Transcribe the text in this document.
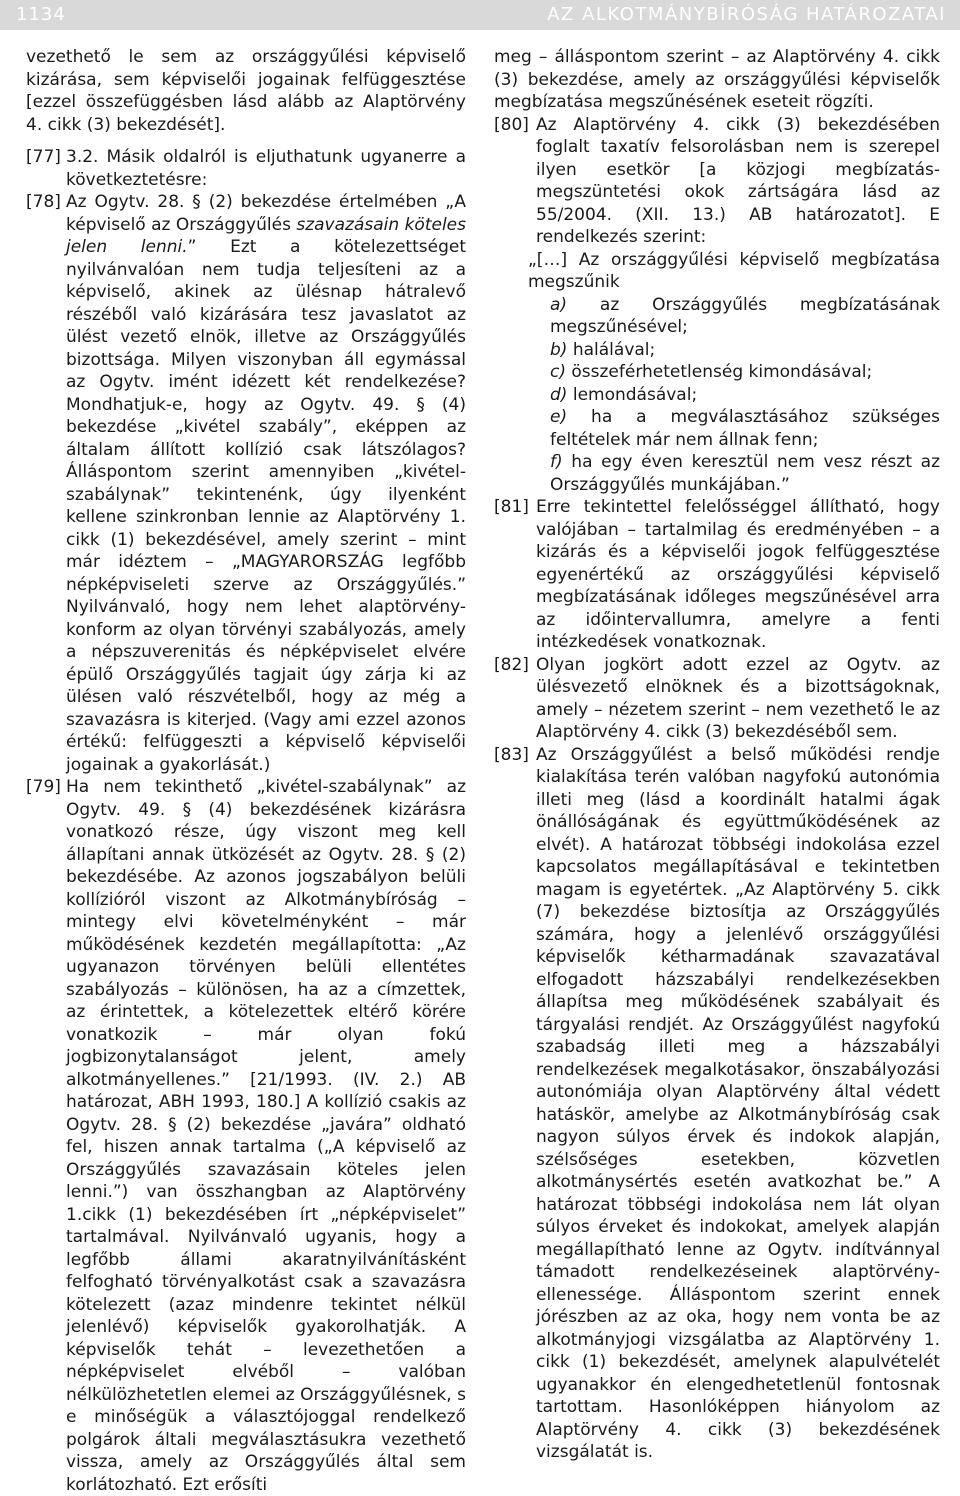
1134	AZ ALKOTMÁNYBÍRÓSÁG HATÁROZATAI

vezethető le sem az országgyűlési képviselő kizárása, sem képviselői jogainak felfüggesztése [ezzel összefüggésben lásd alább az Alaptörvény 4. cikk (3) bekezdését].

[77] 3.2. Másik oldalról is eljuthatunk ugyanerre a következtetésre:

[78] Az Ogytv. 28. § (2) bekezdése értelmében „A képviselő az Országgyűlés szavazásain köteles jelen lenni.” Ezt a kötelezettséget nyilvánvalóan nem tudja teljesíteni az a képviselő, akinek az ülésnap hátralevő részéből való kizárására tesz javaslatot az ülést vezető elnök, illetve az Országgyűlés bizottsága. Milyen viszonyban áll egymással az Ogytv. imént idézett két rendelkezése? Mondhatjuk-e, hogy az Ogytv. 49. § (4) bekezdése „kivétel szabály”, eképpen az általam állított kollízió csak látszólagos? Álláspontom szerint amennyiben „kivétel-szabálynak” tekintenénk, úgy ilyenként kellene szinkronban lennie az Alaptörvény 1. cikk (1) bekezdésével, amely szerint – mint már idéztem – „MAGYARORSZÁG legfőbb népképviseleti szerve az Országgyűlés.” Nyilvánvaló, hogy nem lehet alaptörvény-konform az olyan törvényi szabályozás, amely a népszuverenitás és népképviselet elvére épülő Országgyűlés tagjait úgy zárja ki az ülésen való részvételből, hogy az még a szavazásra is kiterjed. (Vagy ami ezzel azonos értékű: felfüggeszti a képviselő képviselői jogainak a gyakorlását.)

[79] Ha nem tekinthető „kivétel-szabálynak” az Ogytv. 49. § (4) bekezdésének kizárásra vonatkozó része, úgy viszont meg kell állapítani annak ütközését az Ogytv. 28. § (2) bekezdésébe. Az azonos jogszabályon belüli kollízióról viszont az Alkotmánybíróság – mintegy elvi követelményként – már működésének kezdetén megállapította: „Az ugyanazon törvényen belüli ellentétes szabályozás – különösen, ha az a címzettek, az érintettek, a kötelezettek eltérő körére vonatkozik – már olyan fokú jogbizonytalanságot jelent, amely alkotmányellenes.” [21/1993. (IV. 2.) AB határozat, ABH 1993, 180.] A kollízió csakis az Ogytv. 28. § (2) bekezdése „javára” oldható fel, hiszen annak tartalma („A képviselő az Országgyűlés szavazásain köteles jelen lenni.”) van összhangban az Alaptörvény 1.cikk (1) bekezdésében írt „népképviselet” tartalmával. Nyilvánvaló ugyanis, hogy a legfőbb állami akaratnyilvánításként felfogható törvényalkotást csak a szavazásra kötelezett (azaz mindenre tekintet nélkül jelenlévő) képviselők gyakorolhatják. A képviselők tehát – levezethetően a népképviselet elvéből – valóban nélkülözhetetlen elemei az Országgyűlésnek, s e minőségük a választójoggal rendelkező polgárok általi megválasztásukra vezethető vissza, amely az Országgyűlés által sem korlátozható. Ezt erősíti

meg – álláspontom szerint – az Alaptörvény 4. cikk (3) bekezdése, amely az országgyűlési képviselők megbízatása megszűnésének eseteit rögzíti.

[80] Az Alaptörvény 4. cikk (3) bekezdésében foglalt taxatív felsorolásban nem is szerepel ilyen esetkör [a közjogi megbízatás-megszüntetési okok zártságára lásd az 55/2004. (XII. 13.) AB határozatot]. E rendelkezés szerint:

„[…] Az országgyűlési képviselő megbízatása megszűnik

a) az Országgyűlés megbízatásának megszűnésével;

b) halálával;

c) összeférhetetlenség kimondásával;

d) lemondásával;

e) ha a megválasztásához szükséges feltételek már nem állnak fenn;

f) ha egy éven keresztül nem vesz részt az Országgyűlés munkájában.”

[81] Erre tekintettel felelősséggel állítható, hogy valójában – tartalmilag és eredményében – a kizárás és a képviselői jogok felfüggesztése egyenértékű az országgyűlési képviselő megbízatásának időleges megszűnésével arra az időintervallumra, amelyre a fenti intézkedések vonatkoznak.

[82] Olyan jogkört adott ezzel az Ogytv. az ülésvezető elnöknek és a bizottságoknak, amely – nézetem szerint – nem vezethető le az Alaptörvény 4. cikk (3) bekezdéséből sem.

[83] Az Országgyűlést a belső működési rendje kialakítása terén valóban nagyfokú autonómia illeti meg (lásd a koordinált hatalmi ágak önállóságának és együttműködésének az elvét). A határozat többségi indokolása ezzel kapcsolatos megállapításával e tekintetben magam is egyetértek. „Az Alaptörvény 5. cikk (7) bekezdése biztosítja az Országgyűlés számára, hogy a jelenlévő országgyűlési képviselők kétharmadának szavazatával elfogadott házszabályi rendelkezésekben állapítsa meg működésének szabályait és tárgyalási rendjét. Az Országgyűlést nagyfokú szabadság illeti meg a házszabályi rendelkezések megalkotásakor, önszabályozási autonómiája olyan Alaptörvény által védett hatáskör, amelybe az Alkotmánybíróság csak nagyon súlyos érvek és indokok alapján, szélsőséges esetekben, közvetlen alkotmánysértés esetén avatkozhat be.” A határozat többségi indokolása nem lát olyan súlyos érveket és indokokat, amelyek alapján megállapítható lenne az Ogytv. indítvánnyal támadott rendelkezéseinek alaptörvény-ellenessége. Álláspontom szerint ennek jórészben az az oka, hogy nem vonta be az alkotmányjogi vizsgálatba az Alaptörvény 1. cikk (1) bekezdését, amelynek alapulvételét ugyanakkor én elengedhetetlenül fontosnak tartottam. Hasonlóképpen hiányolom az Alaptörvény 4. cikk (3) bekezdésének vizsgálatát is.
